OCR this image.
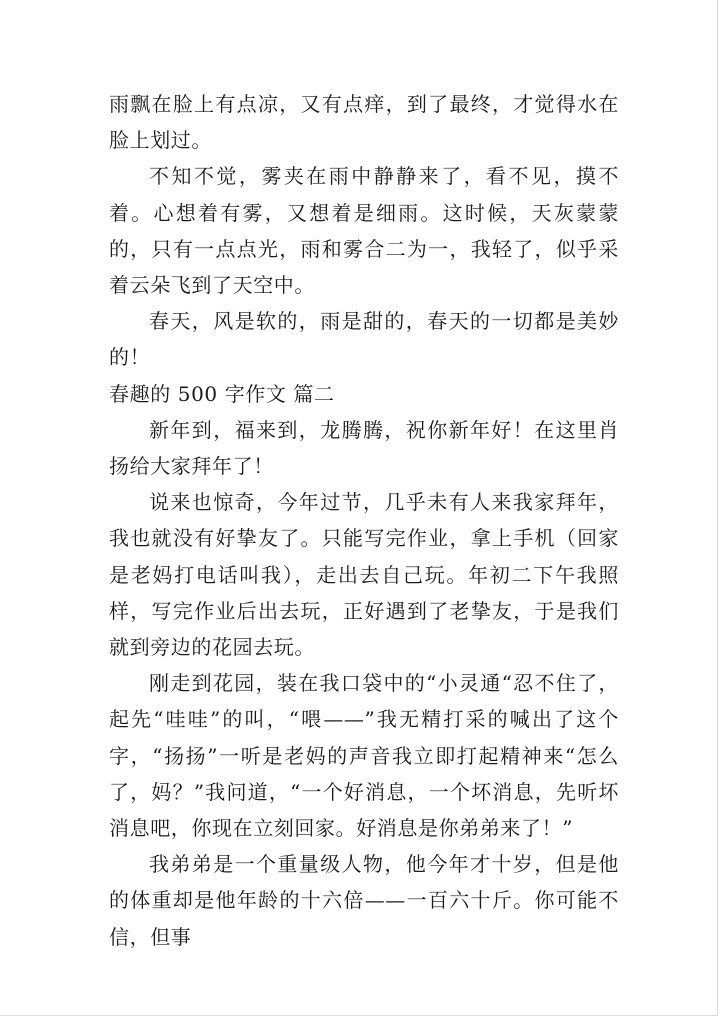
雨飘在脸上有点凉，又有点痒，到了最终，才觉得水在脸上划过。

不知不觉，雾夹在雨中静静来了，看不见，摸不着。心想着有雾，又想着是细雨。这时候，天灰蒙蒙的，只有一点点光，雨和雾合二为一，我轻了，似乎采着云朵飞到了天空中。

春天，风是软的，雨是甜的，春天的一切都是美妙的！

春趣的 500 字作文 篇二

新年到，福来到，龙腾腾，祝你新年好！在这里肖扬给大家拜年了！

说来也惊奇，今年过节，几乎未有人来我家拜年，我也就没有好挚友了。只能写完作业，拿上手机（回家是老妈打电话叫我），走出去自己玩。年初二下午我照样，写完作业后出去玩，正好遇到了老挚友，于是我们就到旁边的花园去玩。

刚走到花园，装在我口袋中的“小灵通“忍不住了，起先“哇哇”的叫，“喂——”我无精打采的喊出了这个字，“扬扬”一听是老妈的声音我立即打起精神来“怎么了，妈？”我问道，“一个好消息，一个坏消息，先听坏消息吧，你现在立刻回家。好消息是你弟弟来了！”

我弟弟是一个重量级人物，他今年才十岁，但是他的体重却是他年龄的十六倍——一百六十斤。你可能不信，但事
